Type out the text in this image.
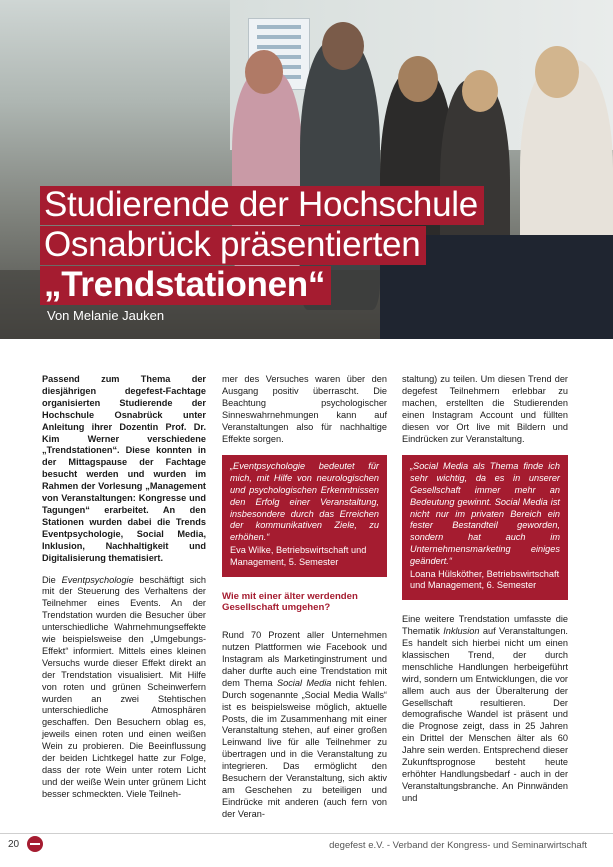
Studierende der Hochschule
Osnabrück präsentierten
„Trendstationen“
Von Melanie Jauken

Passend zum Thema der diesjährigen degefest-Fachtage organisierten Studierende der Hochschule Osnabrück unter Anleitung ihrer Dozentin Prof. Dr. Kim Werner verschiedene „Trendstationen“. Diese konnten in der Mittagspause der Fachtage besucht werden und wurden im Rahmen der Vorlesung „Management von Veranstaltungen: Kongresse und Tagungen“ erarbeitet. An den Stationen wurden dabei die Trends Eventpsychologie, Social Media, Inklusion, Nachhaltigkeit und Digitalisierung thematisiert.

Die Eventpsychologie beschäftigt sich mit der Steuerung des Verhaltens der Teilnehmer eines Events. An der Trendstation wurden die Besucher über unterschiedliche Wahrnehmungseffekte wie beispielsweise den „Umgebungs-Effekt“ informiert. Mittels eines kleinen Versuchs wurde dieser Effekt direkt an der Trendstation visualisiert. Mit Hilfe von roten und grünen Scheinwerfern wurden an zwei Stehtischen unterschiedliche Atmosphären geschaffen. Den Besuchern oblag es, jeweils einen roten und einen weißen Wein zu probieren. Die Beeinflussung der beiden Lichtkegel hatte zur Folge, dass der rote Wein unter rotem Licht und der weiße Wein unter grünem Licht besser schmeckten. Viele Teilneh-

mer des Versuches waren über den Ausgang positiv überrascht. Die Beachtung psychologischer Sinneswahrnehmungen kann auf Veranstaltungen also für nachhaltige Effekte sorgen.

„Eventpsychologie bedeutet für mich, mit Hilfe von neurologischen und psychologischen Erkenntnissen den Erfolg einer Veranstaltung, insbesondere durch das Erreichen der kommunikativen Ziele, zu erhöhen.“
Eva Wilke, Betriebswirtschaft und Management, 5. Semester
Wie mit einer älter werdenden Gesellschaft umgehen?

Rund 70 Prozent aller Unternehmen nutzen Plattformen wie Facebook und Instagram als Marketinginstrument und daher durfte auch eine Trendstation mit dem Thema Social Media nicht fehlen. Durch sogenannte „Social Media Walls“ ist es beispielsweise möglich, aktuelle Posts, die im Zusammenhang mit einer Veranstaltung stehen, auf einer großen Leinwand live für alle Teilnehmer zu übertragen und in die Veranstaltung zu integrieren. Das ermöglicht den Besuchern der Veranstaltung, sich aktiv am Geschehen zu beteiligen und Eindrücke mit anderen (auch fern von der Veran-

staltung) zu teilen. Um diesen Trend der degefest Teilnehmern erlebbar zu machen, erstellten die Studierenden einen Instagram Account und füllten diesen vor Ort live mit Bildern und Eindrücken zur Veranstaltung.

„Social Media als Thema finde ich sehr wichtig, da es in unserer Gesellschaft immer mehr an Bedeutung gewinnt. Social Media ist nicht nur im privaten Bereich ein fester Bestandteil geworden, sondern hat auch im Unternehmensmarketing einiges geändert.“
Loana Hülsköther, Betriebswirtschaft und Management, 6. Semester

Eine weitere Trendstation umfasste die Thematik Inklusion auf Veranstaltungen. Es handelt sich hierbei nicht um einen klassischen Trend, der durch menschliche Handlungen herbeigeführt wird, sondern um Entwicklungen, die vor allem auch aus der Überalterung der Gesellschaft resultieren. Der demografische Wandel ist präsent und die Prognose zeigt, dass in 25 Jahren ein Drittel der Menschen älter als 60 Jahre sein werden. Entsprechend dieser Zukunftsprognose besteht heute erhöhter Handlungsbedarf - auch in der Veranstaltungsbranche. An Pinnwänden und

20	degefest e.V. - Verband der Kongress- und Seminarwirtschaft
